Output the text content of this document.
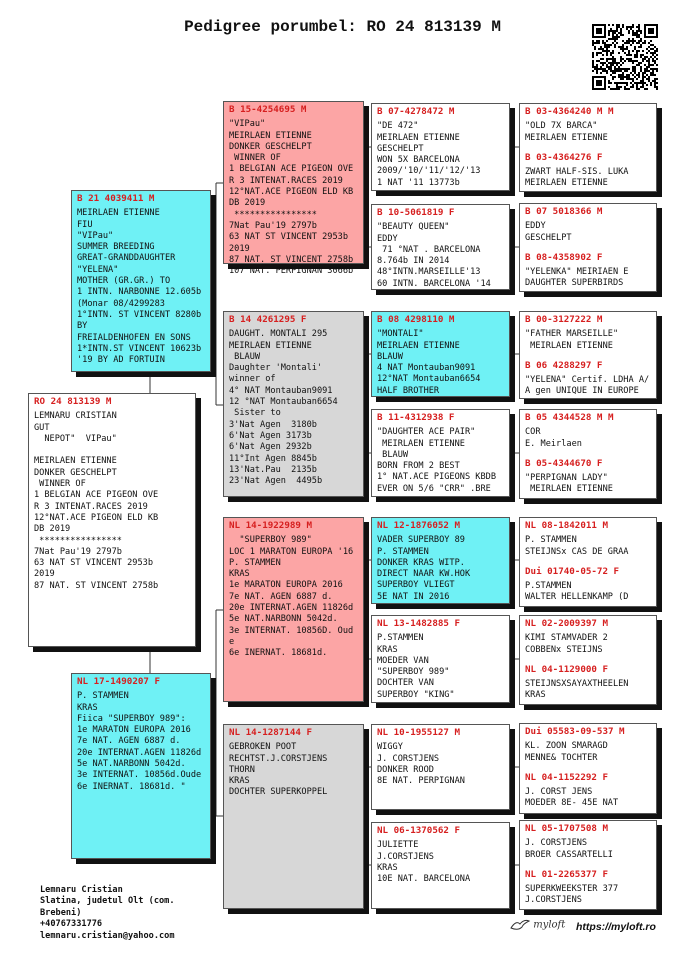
Pedigree porumbel: RO 24 813139 M
RO 24 813139 M
LEMNARU CRISTIAN
GUT
NEPOT"  VIPau"

MEIRLAEN ETIENNE
DONKER GESCHELPT
WINNER OF
1 BELGIAN ACE PIGEON OVE
R 3 INTENAT.RACES 2019
12°NAT.ACE PIGEON ELD KB
DB 2019
****************
7Nat Pau'19 2797b
63 NAT ST VINCENT 2953b
2019
87 NAT. ST VINCENT 2758b
B 21 4039411 M
MEIRLAEN ETIENNE
FIU
"VIPau"
SUMMER BREEDING
GREAT-GRANDDAUGHTER
"YELENA"
MOTHER (GR.GR.) TO
1 INTN. NARBONNE 12.605b
(Monar 08/4299283
1°INTN. ST VINCENT 8280b
BY
FREIALDENHOFEN EN SONS
1*INTN.ST VINCENT 10623b
'19 BY AD FORTUIN
NL 17-1490207 F
P. STAMMEN
KRAS
Fiica "SUPERBOY 989":
1e MARATON EUROPA 2016
7e NAT. AGEN 6887 d.
20e INTERNAT.AGEN 11826d
5e NAT.NARBONN 5042d.
3e INTERNAT. 10856d.Oude
6e INERNAT. 18681d. "
B 15-4254695 M
"VIPau"
MEIRLAEN ETIENNE
DONKER GESCHELPT
WINNER OF
1 BELGIAN ACE PIGEON OVE
R 3 INTENAT.RACES 2019
12°NAT.ACE PIGEON ELD KB
DB 2019
****************
7Nat Pau'19 2797b
63 NAT ST VINCENT 2953b
2019
87 NAT. ST VINCENT 2758b
107°NAT. PERPIGNAN 3066b
B 14 4261295 F
DAUGHT. MONTALI 295
MEIRLAEN ETIENNE
BLAUW
Daughter 'Montali'
winner of
4° NAT Montauban9091
12 °NAT Montauban6654
Sister to
3'Nat Agen  3180b
6'Nat Agen 3173b
6'Nat Agen 2932b
11°Int Agen 8845b
13'Nat.Pau  2135b
23'Nat Agen  4495b
NL 14-1922989 M
"SUPERBOY 989"
LOC 1 MARATON EUROPA '16
P. STAMMEN
KRAS
1e MARATON EUROPA 2016
7e NAT. AGEN 6887 d.
20e INTERNAT.AGEN 11826d
5e NAT.NARBONN 5042d.
3e INTERNAT. 10856D. Oud
e
6e INERNAT. 18681d.
NL 14-1287144 F
GEBROKEN POOT
RECHTST.J.CORSTJENS
THORN
KRAS
DOCHTER SUPERKOPPEL
B 07-4278472 M
"DE 472"
MEIRLAEN ETIENNE
GESCHELPT
WON 5X BARCELONA
2009/'10/'11/'12/'13
1 NAT '11 13773b
B 10-5061819 F
"BEAUTY QUEEN"
EDDY
71 °NAT . BARCELONA
8.764b IN 2014
48°INTN.MARSEILLE'13
60 INTN. BARCELONA '14
B 08 4298110 M
"MONTALI"
MEIRLAEN ETIENNE
BLAUW
4 NAT Montauban9091
12°NAT Montauban6654
HALF BROTHER
B 11-4312938 F
"DAUGHTER ACE PAIR"
MEIRLAEN ETIENNE
BLAUW
BORN FROM 2 BEST
1° NAT.ACE PIGEONS KBDB
EVER ON 5/6 "CRR" .BRE
NL 12-1876052 M
VADER SUPERBOY 89
P. STAMMEN
DONKER KRAS WITP.
DIRECT NAAR KW.HOK
SUPERBOY VLIEGT
5E NAT IN 2016
NL 13-1482885 F
P.STAMMEN
KRAS
MOEDER VAN
"SUPERBOY 989"
DOCHTER VAN
SUPERBOY "KING"
NL 10-1955127 M
WIGGY
J. CORSTJENS
DONKER ROOD
8E NAT. PERPIGNAN
NL 06-1370562 F
JULIETTE
J.CORSTJENS
KRAS
10E NAT. BARCELONA
B 03-4364240 M M
"OLD 7X BARCA"
MEIRLAEN ETIENNE
B 03-4364276 F
ZWART HALF-SIS. LUKA
MEIRLAEN ETIENNE
B 07 5018366 M
EDDY
GESCHELPT
B 08-4358902 F
"YELENKA" MEIRIAEN E
DAUGHTER SUPERBIRDS
B 00-3127222 M
"FATHER MARSEILLE"
MEIRLAEN ETIENNE
B 06 4288297 F
"YELENA" Certif. LDHA A/
A gen UNIQUE IN EUROPE
B 05 4344528 M M
COR
E. Meirlaen
B 05-4344670 F
"PERPIGNAN LADY"
MEIRLAEN ETIENNE
NL 08-1842011 M
P. STAMMEN
STEIJNSx CAS DE GRAA
Dui 01740-05-72 F
P.STAMMEN
WALTER HELLENKAMP (D
NL 02-2009397 M
KIMI STAMVADER 2
COBBENx STEIJNS
NL 04-1129000 F
STEIJNSXSAYAXTHEELEN
KRAS
Dui 05583-09-537 M
KL. ZOON SMARAGD
MENNE& TOCHTER
NL 04-1152292 F
J. CORST JENS
MOEDER 8E- 45E NAT
NL 05-1707508 M
J. CORSTJENS
BROER CASSARTELLI
NL 01-2265377 F
SUPERKWEEKSTER 377
J.CORSTJENS
Lemnaru Cristian
Slatina, judetul Olt (com.
Brebeni)
+40767331776
lemnaru.cristian@yahoo.com
myloft https://myloft.ro
